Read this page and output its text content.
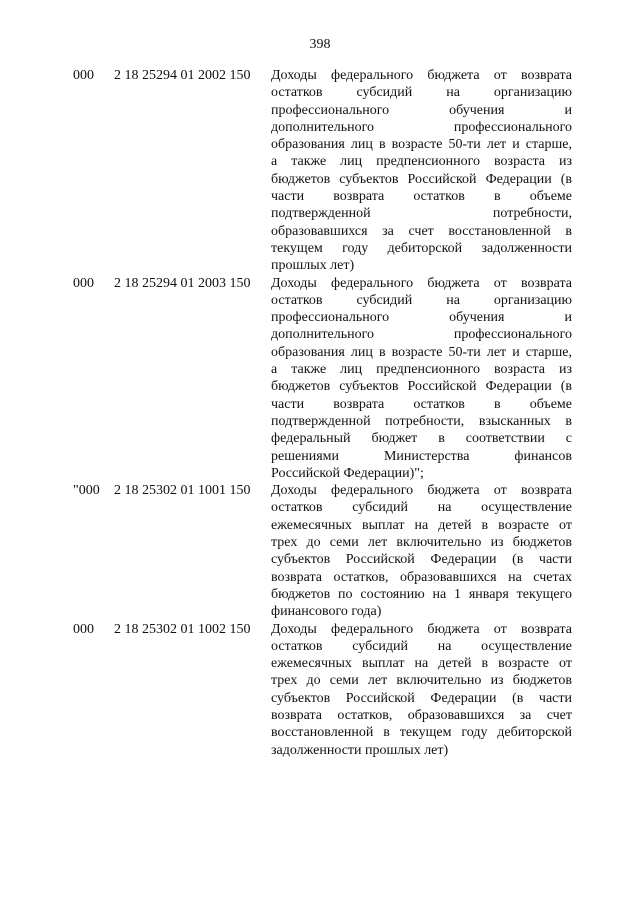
398
000 2 18 25294 01 2002 150 Доходы федерального бюджета от возврата
остатков субсидий на организацию
профессионального обучения и
дополнительного профессионального
образования лиц в возрасте 50-ти лет и старше,
а также лиц предпенсионного возраста из
бюджетов субъектов Российской Федерации (в
части возврата остатков в объеме
подтвержденной потребности,
образовавшихся за счет восстановленной в
текущем году дебиторской задолженности
прошлых лет)
000 2 18 25294 01 2003 150 Доходы федерального бюджета от возврата
остатков субсидий на организацию
профессионального обучения и
дополнительного профессионального
образования лиц в возрасте 50-ти лет и старше,
а также лиц предпенсионного возраста из
бюджетов субъектов Российской Федерации (в
части возврата остатков в объеме
подтвержденной потребности, взысканных в
федеральный бюджет в соответствии с
решениями Министерства финансов
Российской Федерации)";
"000 2 18 25302 01 1001 150 Доходы федерального бюджета от возврата
остатков субсидий на осуществление
ежемесячных выплат на детей в возрасте от
трех до семи лет включительно из бюджетов
субъектов Российской Федерации (в части
возврата остатков, образовавшихся на счетах
бюджетов по состоянию на 1 января текущего
финансового года)
000 2 18 25302 01 1002 150 Доходы федерального бюджета от возврата
остатков субсидий на осуществление
ежемесячных выплат на детей в возрасте от
трех до семи лет включительно из бюджетов
субъектов Российской Федерации (в части
возврата остатков, образовавшихся за счет
восстановленной в текущем году дебиторской
задолженности прошлых лет)
